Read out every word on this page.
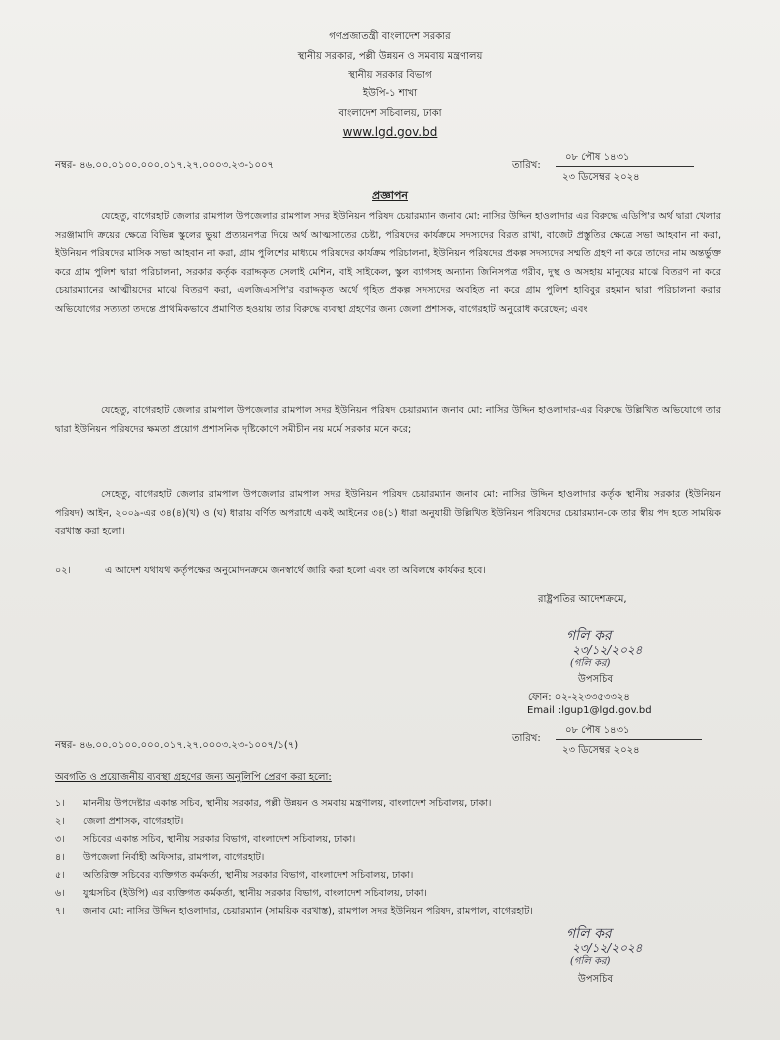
গণপ্রজাতন্ত্রী বাংলাদেশ সরকার
স্থানীয় সরকার, পল্লী উন্নয়ন ও সমবায় মন্ত্রণালয়
স্থানীয় সরকার বিভাগ
ইউপি-১ শাখা
বাংলাদেশ সচিবালয়, ঢাকা
www.lgd.gov.bd
নম্বর- ৪৬.০০.০১০০.০০০.০১৭.২৭.০০০৩.২৩-১০০৭	তারিখ:
০৮ পৌষ ১৪৩১
২৩ ডিসেম্বর ২০২৪
প্রজ্ঞাপন

যেহেতু, বাগেরহাট জেলার রামপাল উপজেলার রামপাল সদর ইউনিয়ন পরিষদ চেয়ারম্যান জনাব মো: নাসির উদ্দিন হাওলাদার এর বিরুদ্ধে এডিপি'র অর্থ দ্বারা খেলার সরঞ্জামাদি ক্রয়ের ক্ষেত্রে বিভিন্ন স্কুলের ভুয়া প্রত্যয়নপত্র দিয়ে অর্থ আত্মসাতের চেষ্টা, পরিষদের কার্যক্রমে সদস্যদের বিরত রাখা, বাজেট প্রস্তুতির ক্ষেত্রে সভা আহবান না করা, ইউনিয়ন পরিষদের মাসিক সভা আহবান না করা, গ্রাম পুলিশের মাধ্যমে পরিষদের কার্যক্রম পরিচালনা, ইউনিয়ন পরিষদের প্রকল্প সদস্যদের সম্মতি গ্রহণ না করে তাদের নাম অন্তর্ভুক্ত করে গ্রাম পুলিশ দ্বারা পরিচালনা, সরকার কর্তৃক বরাদ্দকৃত সেলাই মেশিন, বাই সাইকেল, স্কুল ব্যাগসহ অন্যান্য জিনিসপত্র গরীব, দুস্থ ও অসহায় মানুষের মাঝে বিতরণ না করে চেয়ারম্যানের আত্মীয়দের মাঝে বিতরণ করা, এলজিএসপি'র বরাদ্দকৃত অর্থে গৃহিত প্রকল্প সদস্যদের অবহিত না করে গ্রাম পুলিশ হাবিবুর রহমান দ্বারা পরিচালনা করার অভিযোগের সত্যতা তদন্তে প্রাথমিকভাবে প্রমাণিত হওয়ায় তার বিরুদ্ধে ব্যবস্থা গ্রহণের জন্য জেলা প্রশাসক, বাগেরহাট অনুরোধ করেছেন; এবং

যেহেতু, বাগেরহাট জেলার রামপাল উপজেলার রামপাল সদর ইউনিয়ন পরিষদ চেয়ারম্যান জনাব মো: নাসির উদ্দিন হাওলাদার-এর বিরুদ্ধে উল্লিখিত অভিযোগে তার দ্বারা ইউনিয়ন পরিষদের ক্ষমতা প্রয়োগ প্রশাসনিক দৃষ্টিকোণে সমীচীন নয় মর্মে সরকার মনে করে;

সেহেতু, বাগেরহাট জেলার রামপাল উপজেলার রামপাল সদর ইউনিয়ন পরিষদ চেয়ারম্যান জনাব মো: নাসির উদ্দিন হাওলাদার কর্তৃক স্থানীয় সরকার (ইউনিয়ন পরিষদ) আইন, ২০০৯-এর ৩৪(৪)(খ) ও (ঘ) ধারায় বর্ণিত অপরাধে একই আইনের ৩৪(১) ধারা অনুযায়ী উল্লিখিত ইউনিয়ন পরিষদের চেয়ারম্যান-কে তার স্বীয় পদ হতে সাময়িক বরখাস্ত করা হলো।

০২।	এ আদেশ যথাযথ কর্তৃপক্ষের অনুমোদনক্রমে জনস্বার্থে জারি করা হলো এবং তা অবিলম্বে কার্যকর হবে।

রাষ্ট্রপতির আদেশক্রমে,
গলি কর
২৩/১২/২০২৪
(গলি কর)
উপসচিব
ফোন: ০২-২২৩৩৫৩৩২৪
Email :lgup1@lgd.gov.bd
নম্বর- ৪৬.০০.০১০০.০০০.০১৭.২৭.০০০৩.২৩-১০০৭/১(৭)
তারিখ:
০৮ পৌষ ১৪৩১
২৩ ডিসেম্বর ২০২৪
অবগতি ও প্রয়োজনীয় ব্যবস্থা গ্রহণের জন্য অনুলিপি প্রেরণ করা হলো:
১। মাননীয় উপদেষ্টার একান্ত সচিব, স্থানীয় সরকার, পল্লী উন্নয়ন ও সমবায় মন্ত্রণালয়, বাংলাদেশ সচিবালয়, ঢাকা।
২। জেলা প্রশাসক, বাগেরহাট।
৩। সচিবের একান্ত সচিব, স্থানীয় সরকার বিভাগ, বাংলাদেশ সচিবালয়, ঢাকা।
৪। উপজেলা নির্বাহী অফিসার, রামপাল, বাগেরহাট।
৫। অতিরিক্ত সচিবের ব্যক্তিগত কর্মকর্তা, স্থানীয় সরকার বিভাগ, বাংলাদেশ সচিবালয়, ঢাকা।
৬। যুগ্মসচিব (ইউপি) এর ব্যক্তিগত কর্মকর্তা, স্থানীয় সরকার বিভাগ, বাংলাদেশ সচিবালয়, ঢাকা।
৭। জনাব মো: নাসির উদ্দিন হাওলাদার, চেয়ারম্যান (সাময়িক বরখাস্ত), রামপাল সদর ইউনিয়ন পরিষদ, রামপাল, বাগেরহাট।
গলি কর
২৩/১২/২০২৪
(গলি কর)
উপসচিব
